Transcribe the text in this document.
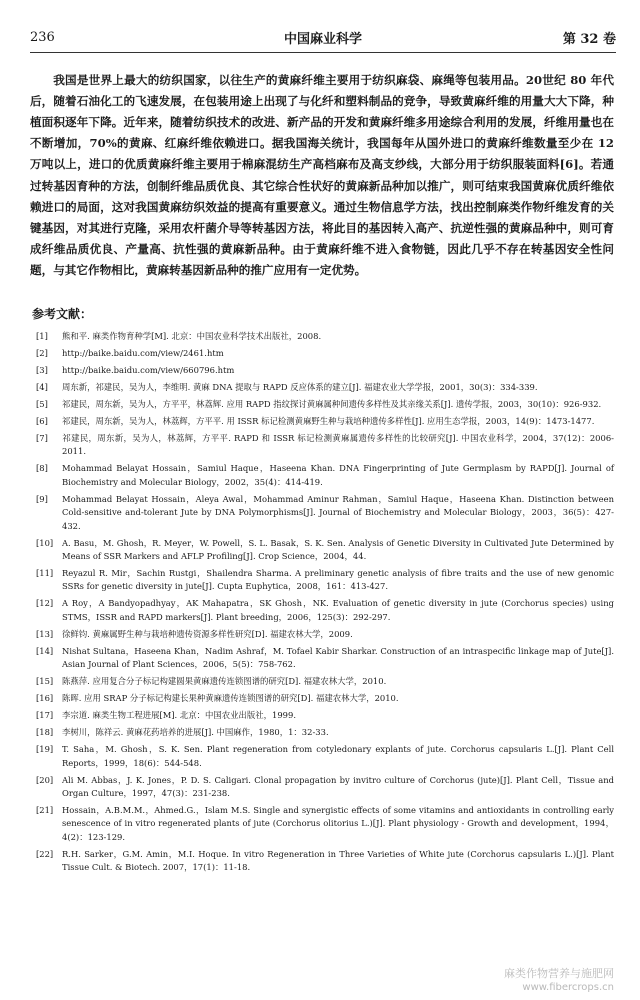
236	中国麻业科学	第 32 卷

我国是世界上最大的纺织国家，以往生产的黄麻纤维主要用于纺织麻袋、麻绳等包装用品。20世纪 80 年代后，随着石油化工的飞速发展，在包装用途上出现了与化纤和塑料制品的竞争，导致黄麻纤维的用量大大下降，种植面积逐年下降。近年来，随着纺织技术的改进、新产品的开发和黄麻纤维多用途综合利用的发展，纤维用量也在不断增加，70%的黄麻、红麻纤维依赖进口。据我国海关统计，我国每年从国外进口的黄麻纤维数量至少在 12 万吨以上，进口的优质黄麻纤维主要用于棉麻混纺生产高档麻布及高支纱线，大部分用于纺织服装面料[6]。若通过转基因育种的方法，创制纤维品质优良、其它综合性状好的黄麻新品种加以推广，则可结束我国黄麻优质纤维依赖进口的局面，这对我国黄麻纺织效益的提高有重要意义。通过生物信息学方法，找出控制麻类作物纤维发育的关键基因，对其进行克隆，采用农杆菌介导等转基因方法，将此目的基因转入高产、抗逆性强的黄麻品种中，则可育成纤维品质优良、产量高、抗性强的黄麻新品种。由于黄麻纤维不进入食物链，因此几乎不存在转基因安全性问题，与其它作物相比，黄麻转基因新品种的推广应用有一定优势。

参考文献：

[1] 熊和平. 麻类作物育种学[M]. 北京：中国农业科学技术出版社，2008.

[2] http://baike.baidu.com/view/2461.htm

[3] http://baike.baidu.com/view/660796.htm

[4] 周东新，祁建民，吴为人，李维明. 黄麻 DNA 提取与 RAPD 反应体系的建立[J]. 福建农业大学学报，2001，30(3)：334-339.

[5] 祁建民，周东新，吴为人，方平平，林荔辉. 应用 RAPD 指纹探讨黄麻属种间遗传多样性及其亲缘关系[J]. 遗传学报，2003，30(10)：926-932.

[6] 祁建民，周东新，吴为人，林荔辉，方平平. 用 ISSR 标记检测黄麻野生种与栽培种遗传多样性[J]. 应用生态学报，2003，14(9)：1473-1477.

[7] 祁建民，周东新，吴为人，林荔辉，方平平. RAPD 和 ISSR 标记检测黄麻属遗传多样性的比较研究[J]. 中国农业科学，2004，37(12)：2006-2011.

[8] Mohammad Belayat Hossain，Samiul Haque，Haseena Khan. DNA Fingerprinting of Jute Germplasm by RAPD[J]. Journal of Biochemistry and Molecular Biology，2002，35(4)：414-419.

[9] Mohammad Belayat Hossain，Aleya Awal，Mohammad Aminur Rahman，Samiul Haque，Haseena Khan. Distinction between Cold-sensitive and-tolerant Jute by DNA Polymorphisms[J]. Journal of Biochemistry and Molecular Biology，2003，36(5)：427-432.

[10] A. Basu，M. Ghosh，R. Meyer，W. Powell，S. L. Basak，S. K. Sen. Analysis of Genetic Diversity in Cultivated Jute Determined by Means of SSR Markers and AFLP Profiling[J]. Crop Science，2004，44.

[11] Reyazul R. Mir，Sachin Rustgi，Shailendra Sharma. A preliminary genetic analysis of fibre traits and the use of new genomic SSRs for genetic diversity in jute[J]. Cupta Euphytica，2008，161：413-427.

[12] A Roy，A Bandyopadhyay，AK Mahapatra，SK Ghosh，NK. Evaluation of genetic diversity in jute (Corchorus species) using STMS，ISSR and RAPD markers[J]. Plant breeding，2006，125(3)：292-297.

[13] 徐鲜钧. 黄麻属野生种与栽培种遗传资源多样性研究[D]. 福建农林大学，2009.

[14] Nishat Sultana，Haseena Khan，Nadim Ashraf，M. Tofael Kabir Sharkar. Construction of an intraspecific linkage map of Jute[J]. Asian Journal of Plant Sciences，2006，5(5)：758-762.

[15] 陈燕萍. 应用复合分子标记构建圆果黄麻遗传连锁图谱的研究[D]. 福建农林大学，2010.

[16] 陈晖. 应用 SRAP 分子标记构建长果种黄麻遗传连锁图谱的研究[D]. 福建农林大学，2010.

[17] 李宗道. 麻类生物工程进展[M]. 北京：中国农业出版社，1999.

[18] 李树川，陈祥云. 黄麻花药培养的进展[J]. 中国麻作，1980，1：32-33.

[19] T. Saha，M. Ghosh，S. K. Sen. Plant regeneration from cotyledonary explants of jute. Corchorus capsularis L.[J]. Plant Cell Reports，1999，18(6)：544-548.

[20] Ali M. Abbas，J. K. Jones，P. D. S. Caligari. Clonal propagation by invitro culture of Corchorus (jute)[J]. Plant Cell，Tissue and Organ Culture，1997，47(3)：231-238.

[21] Hossain，A.B.M.M.，Ahmed.G.，Islam M.S. Single and synergistic effects of some vitamins and antioxidants in controlling early senescence of in vitro regenerated plants of jute (Corchorus olitorius L.)[J]. Plant physiology - Growth and development，1994，4(2)：123-129.

[22] R.H. Sarker，G.M. Amin，M.I. Hoque. In vitro Regeneration in Three Varieties of White jute (Corchorus capsularis L.)[J]. Plant Tissue Cult. & Biotech. 2007，17(1)：11-18.

麻类作物营养与施肥网
www.fibercrops.cn
